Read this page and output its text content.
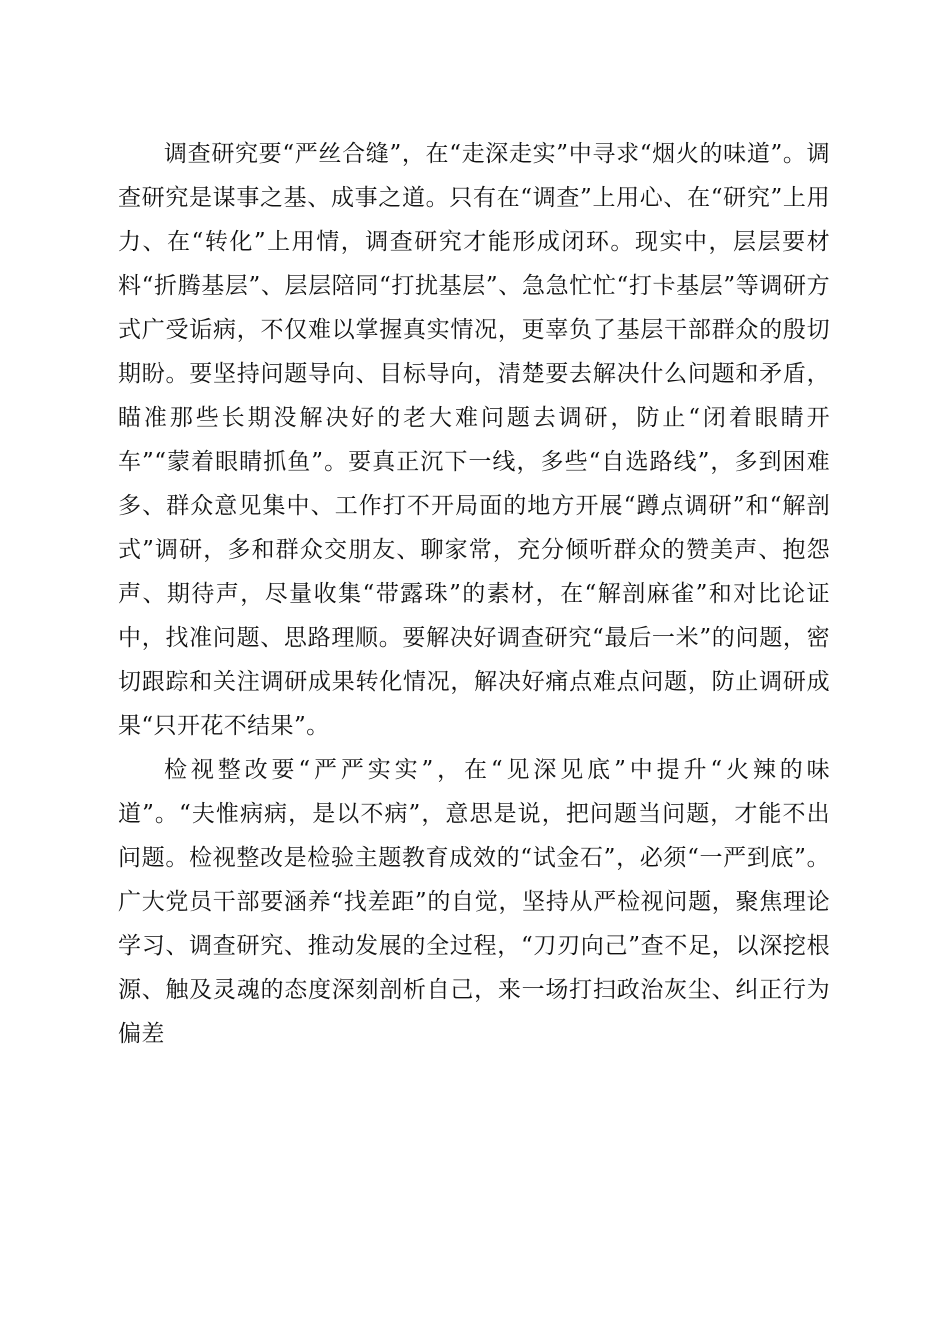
调查研究要“严丝合缝”，在“走深走实”中寻求“烟火的味道”。调查研究是谋事之基、成事之道。只有在“调查”上用心、在“研究”上用力、在“转化”上用情，调查研究才能形成闭环。现实中，层层要材料“折腾基层”、层层陪同“打扰基层”、急急忙忙“打卡基层”等调研方式广受诟病，不仅难以掌握真实情况，更辜负了基层干部群众的殷切期盼。要坚持问题导向、目标导向，清楚要去解决什么问题和矛盾，瞄准那些长期没解决好的老大难问题去调研，防止“闭着眼睛开车”“蒙着眼睛抓鱼”。要真正沉下一线，多些“自选路线”，多到困难多、群众意见集中、工作打不开局面的地方开展“蹲点调研”和“解剖式”调研，多和群众交朋友、聊家常，充分倾听群众的赞美声、抱怨声、期待声，尽量收集“带露珠”的素材，在“解剖麻雀”和对比论证中，找准问题、思路理顺。要解决好调查研究“最后一米”的问题，密切跟踪和关注调研成果转化情况，解决好痛点难点问题，防止调研成果“只开花不结果”。

检视整改要“严严实实”，在“见深见底”中提升“火辣的味道”。“夫惟病病，是以不病”，意思是说，把问题当问题，才能不出问题。检视整改是检验主题教育成效的“试金石”，必须“一严到底”。广大党员干部要涵养“找差距”的自觉，坚持从严检视问题，聚焦理论学习、调查研究、推动发展的全过程，“刀刃向己”查不足，以深挖根源、触及灵魂的态度深刻剖析自己，来一场打扫政治灰尘、纠正行为偏差
